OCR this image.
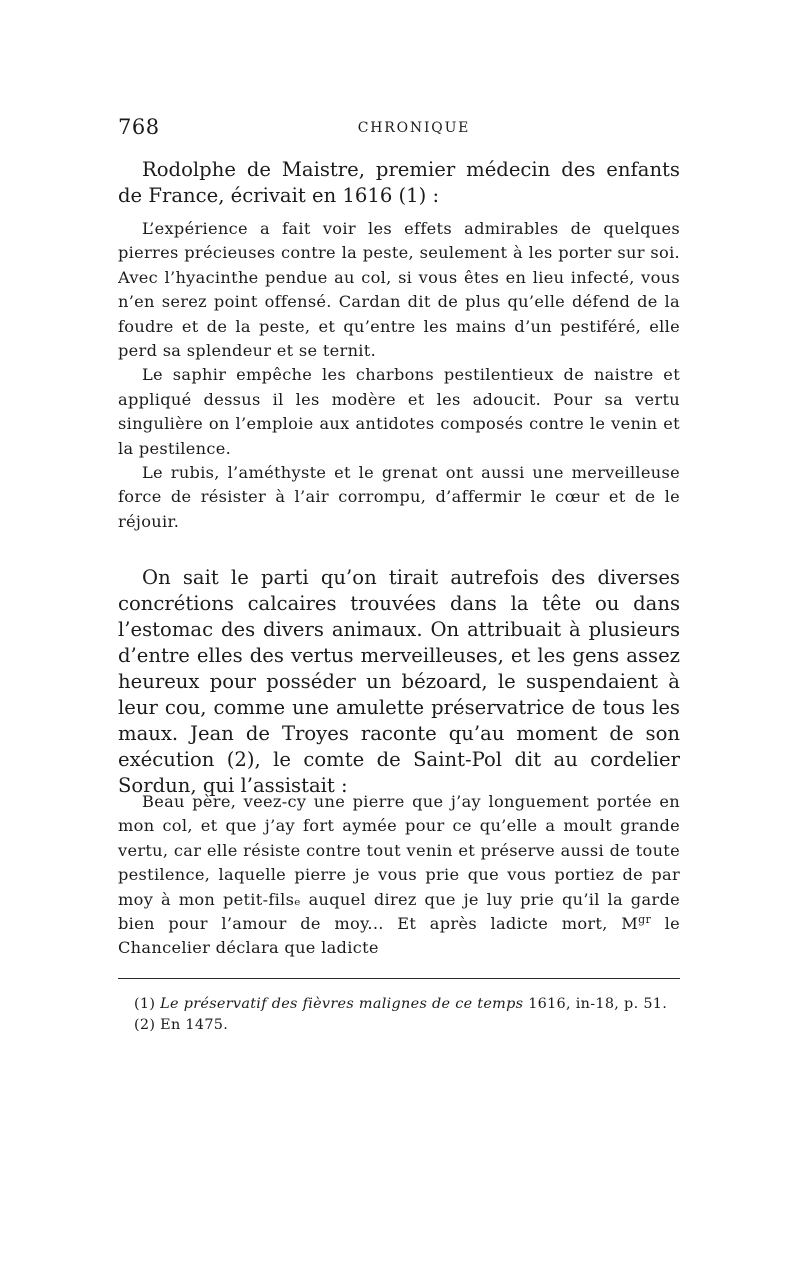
768	CHRONIQUE

Rodolphe de Maistre, premier médecin des enfants de France, écrivait en 1616 (1) :

L’expérience a fait voir les effets admirables de quelques pierres précieuses contre la peste, seulement à les porter sur soi. Avec l’hyacinthe pendue au col, si vous êtes en lieu infecté, vous n’en serez point offensé. Cardan dit de plus qu’elle défend de la foudre et de la peste, et qu’entre les mains d’un pestiféré, elle perd sa splendeur et se ternit.

Le saphir empêche les charbons pestilentieux de naistre et appliqué dessus il les modère et les adoucit. Pour sa vertu singulière on l’emploie aux antidotes composés contre le venin et la pestilence.

Le rubis, l’améthyste et le grenat ont aussi une merveilleuse force de résister à l’air corrompu, d’affermir le cœur et de le réjouir.

On sait le parti qu’on tirait autrefois des diverses concrétions calcaires trouvées dans la tête ou dans l’estomac des divers animaux. On attribuait à plusieurs d’entre elles des vertus merveilleuses, et les gens assez heureux pour posséder un bézoard, le suspendaient à leur cou, comme une amulette préservatrice de tous les maux. Jean de Troyes raconte qu’au moment de son exécution (2), le comte de Saint-Pol dit au cordelier Sordun, qui l’assistait :

Beau père, veez-cy une pierre que j’ay longuement portée en mon col, et que j’ay fort aymée pour ce qu’elle a moult grande vertu, car elle résiste contre tout venin et préserve aussi de toute pestilence, laquelle pierre je vous prie que vous portiez de par moy à mon petit-filsₑ auquel direz que je luy prie qu’il la garde bien pour l’amour de moy... Et après ladicte mort, $M^{gr}$ le Chancelier déclara que ladicte

(1) Le préservatif des fièvres malignes de ce temps 1616, in-18, p. 51.

(2) En 1475.
